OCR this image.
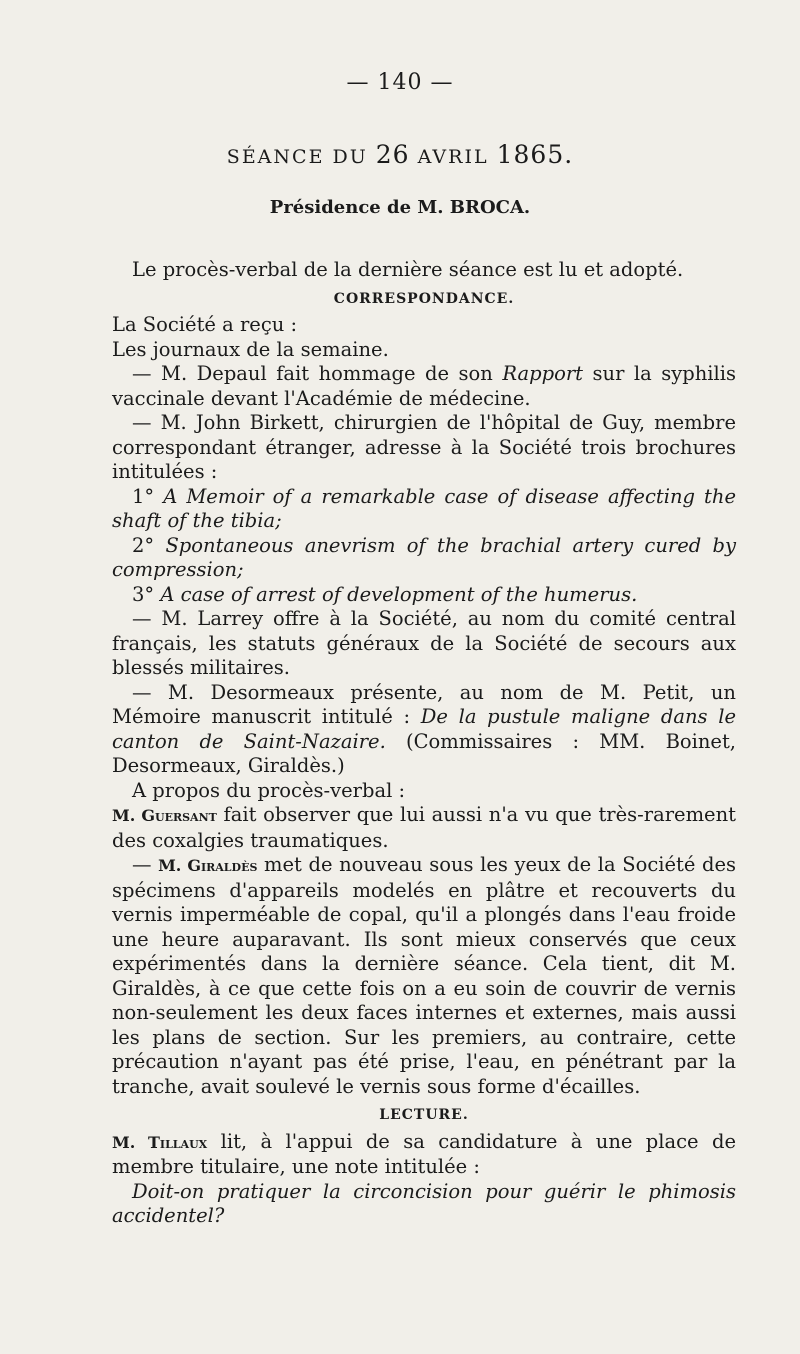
— 140 —
SÉANCE DU 26 AVRIL 1865.
Présidence de M. BROCA.

Le procès-verbal de la dernière séance est lu et adopté.

CORRESPONDANCE.

La Société a reçu :

Les journaux de la semaine.

— M. Depaul fait hommage de son Rapport sur la syphilis vaccinale devant l'Académie de médecine.

— M. John Birkett, chirurgien de l'hôpital de Guy, membre correspondant étranger, adresse à la Société trois brochures intitulées :

1° A Memoir of a remarkable case of disease affecting the shaft of the tibia;

2° Spontaneous anevrism of the brachial artery cured by compression;

3° A case of arrest of development of the humerus.

— M. Larrey offre à la Société, au nom du comité central français, les statuts généraux de la Société de secours aux blessés militaires.

— M. Desormeaux présente, au nom de M. Petit, un Mémoire manuscrit intitulé : De la pustule maligne dans le canton de Saint-Nazaire. (Commissaires : MM. Boinet, Desormeaux, Giraldès.)

A propos du procès-verbal :

M. Guersant fait observer que lui aussi n'a vu que très-rarement des coxalgies traumatiques.

— M. Giraldès met de nouveau sous les yeux de la Société des spécimens d'appareils modelés en plâtre et recouverts du vernis imperméable de copal, qu'il a plongés dans l'eau froide une heure auparavant. Ils sont mieux conservés que ceux expérimentés dans la dernière séance. Cela tient, dit M. Giraldès, à ce que cette fois on a eu soin de couvrir de vernis non-seulement les deux faces internes et externes, mais aussi les plans de section. Sur les premiers, au contraire, cette précaution n'ayant pas été prise, l'eau, en pénétrant par la tranche, avait soulevé le vernis sous forme d'écailles.

LECTURE.

M. Tillaux lit, à l'appui de sa candidature à une place de membre titulaire, une note intitulée :

Doit-on pratiquer la circoncision pour guérir le phimosis accidentel?
